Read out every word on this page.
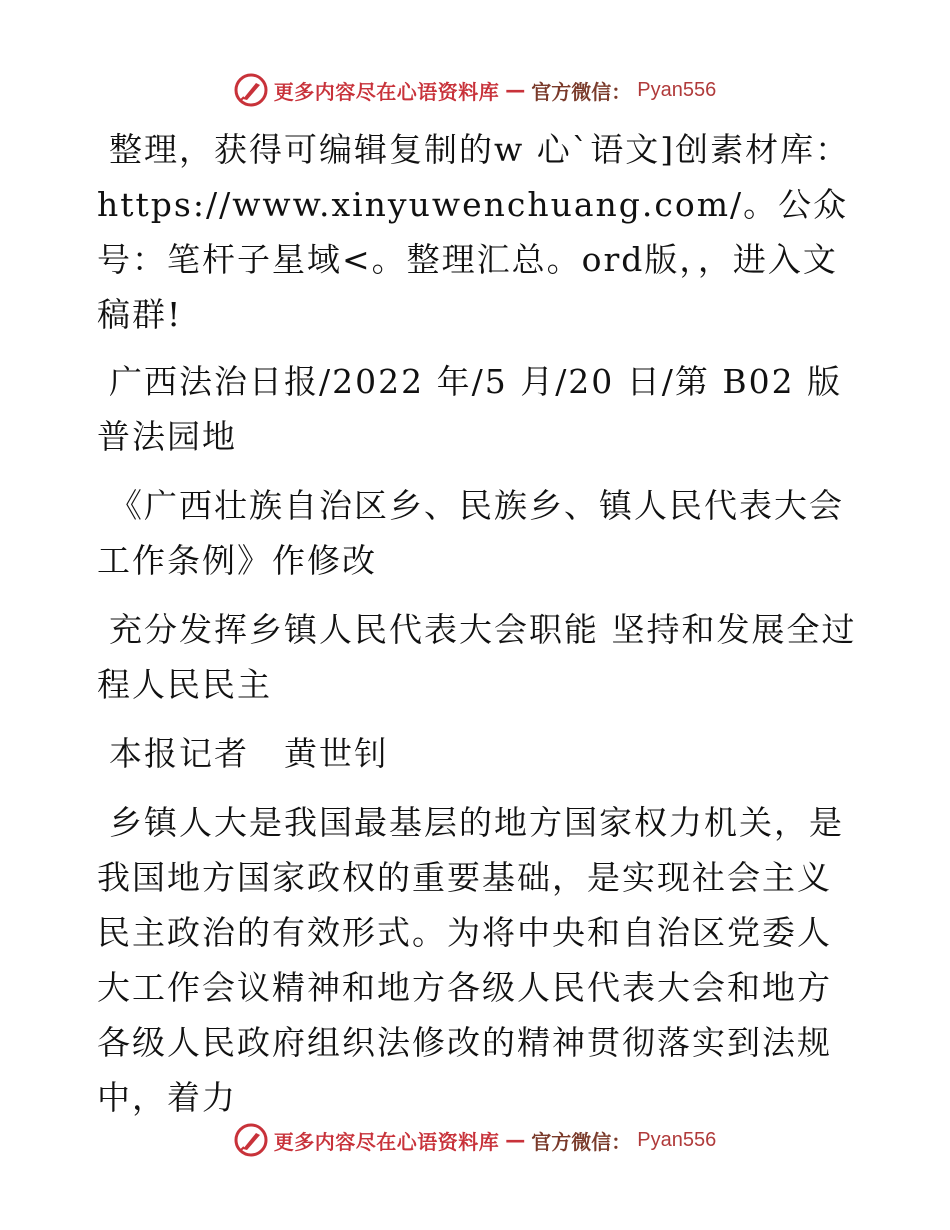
更多内容尽在心语资料库 — 官方微信： Pyan556

整理，获得可编辑复制的w 心`语文]创素材库：https://www.xinyuwenchuang.com/。公众号：笔杆子星域<。整理汇总。ord版，，进入文稿群!

广西法治日报/2022 年/5 月/20 日/第 B02 版普法园地

《广西壮族自治区乡、民族乡、镇人民代表大会工作条例》作修改

充分发挥乡镇人民代表大会职能 坚持和发展全过程人民民主

本报记者　黄世钊

乡镇人大是我国最基层的地方国家权力机关，是我国地方国家政权的重要基础，是实现社会主义民主政治的有效形式。为将中央和自治区党委人大工作会议精神和地方各级人民代表大会和地方各级人民政府组织法修改的精神贯彻落实到法规中，着力

更多内容尽在心语资料库 — 官方微信： Pyan556
